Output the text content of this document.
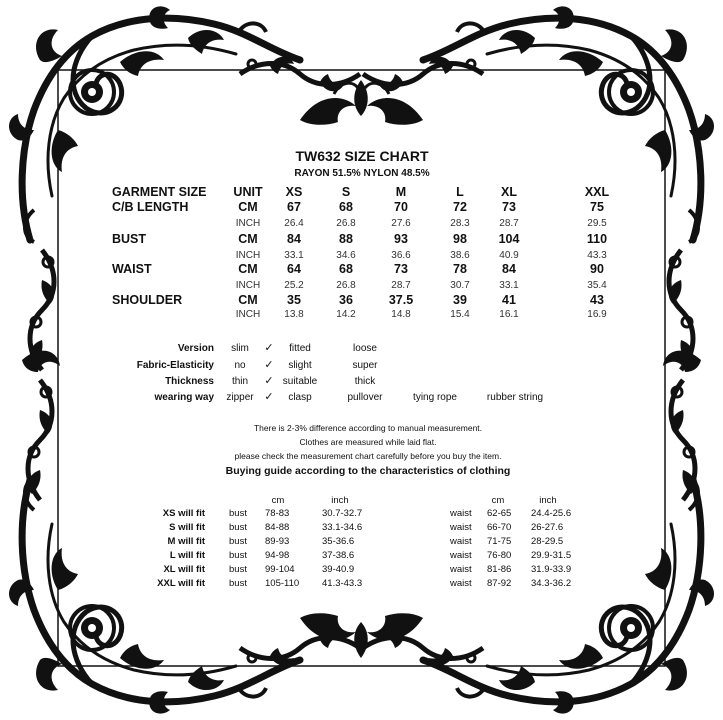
TW632 SIZE CHART
RAYON 51.5% NYLON 48.5%
GARMENT SIZE UNIT XS	S	M	L	XL	XXL
C/B LENGTH	CM 67	68	70	72	73	75
INCH 26.4	26.8	27.6	28.3	28.7	29.5
BUST	CM 84	88	93	98	104	110
INCH 33.1	34.6	36.6	38.6	40.9	43.3
WAIST	CM 64	68	73	78	84	90
INCH 25.2	26.8	28.7	30.7	33.1	35.4
SHOULDER	CM 35	36	37.5	39	41	43
INCH 13.8	14.2	14.8	15.4	16.1	16.9
Version slim ✓ fitted	loose
Fabric-Elasticity no ✓ slight	super
Thickness thin ✓ suitable	thick
wearing way zipper ✓ clasp	pullover	tying rope	rubber string
There is 2-3% difference according to manual measurement.
Clothes are measured while laid flat.
please check the measurement chart carefully before you buy the item.
Buying guide according to the characteristics of clothing
cm	inch	cm	inch
XS will fit	bust 78-83	30.7-32.7	waist 62-65 24.4-25.6
S will fit	bust 84-88	33.1-34.6	waist 66-70 26-27.6
M will fit	bust 89-93	35-36.6	waist 71-75 28-29.5
L will fit	bust 94-98	37-38.6	waist 76-80 29.9-31.5
XL will fit	bust 99-104	39-40.9	waist 81-86 31.9-33.9
XXL will fit	bust 105-110 41.3-43.3	waist 87-92 34.3-36.2
